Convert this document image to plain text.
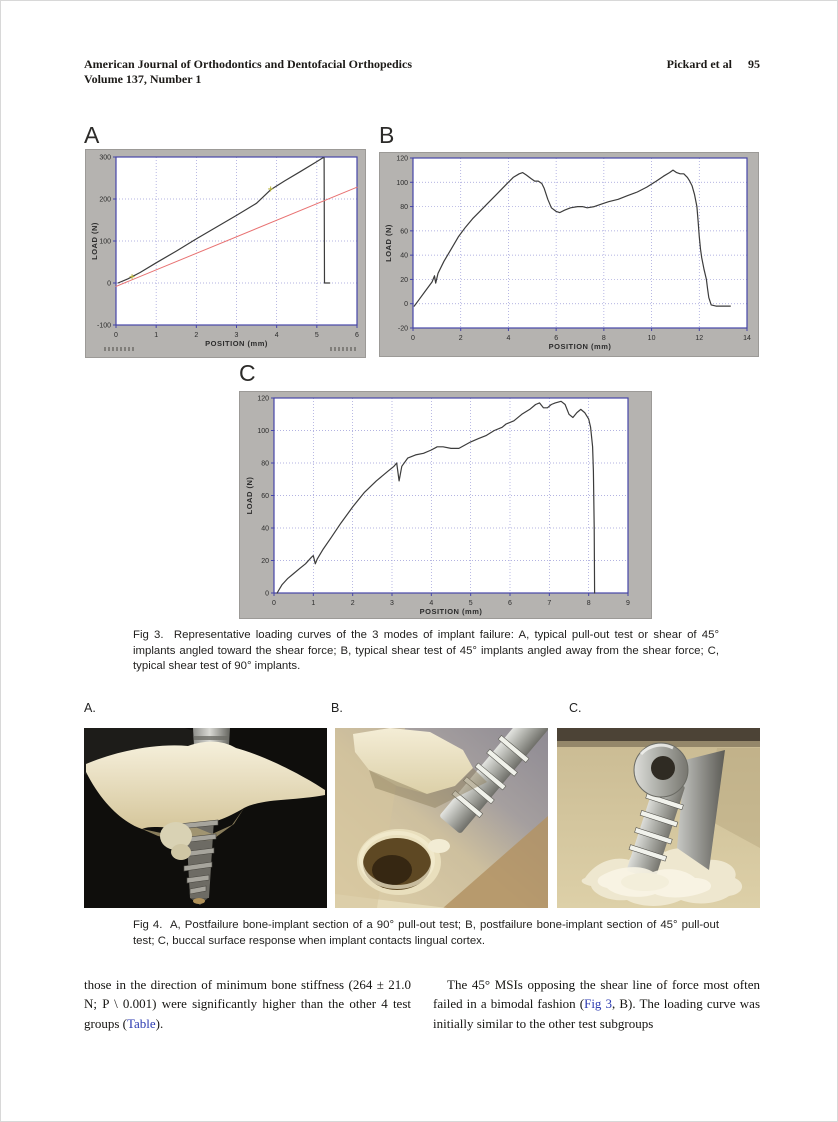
American Journal of Orthodontics and Dentofacial Orthopedics
Volume 137, Number 1
Pickard et al 95
A	B
C
-100
0
100
200
300
0	1	2	3	4	5	6
POSITION (mm)
LOAD (N)
-20
0
20
40
60
80
100
120
0	2	4	6	8	10	12	14
POSITION (mm)
LOAD (N)
0
20
40
60
80
100
120
0	1	2	3	4	5	6	7	8	9
POSITION (mm)
LOAD (N)
Fig 3.  Representative loading curves of the 3 modes of implant failure: A, typical pull-out test or shear of 45° implants angled toward the shear force; B, typical shear test of 45° implants angled away from the shear force; C, typical shear test of 90° implants.
A.	B.	C.
Fig 4.  A, Postfailure bone-implant section of a 90° pull-out test; B, postfailure bone-implant section of 45° pull-out test; C, buccal surface response when implant contacts lingual cortex.
those in the direction of minimum bone stiffness (264 ± 21.0 N; P \ 0.001) were significantly higher than the other 4 test groups (Table).
The 45° MSIs opposing the shear line of force most often failed in a bimodal fashion (Fig 3, B). The loading curve was initially similar to the other test subgroups
